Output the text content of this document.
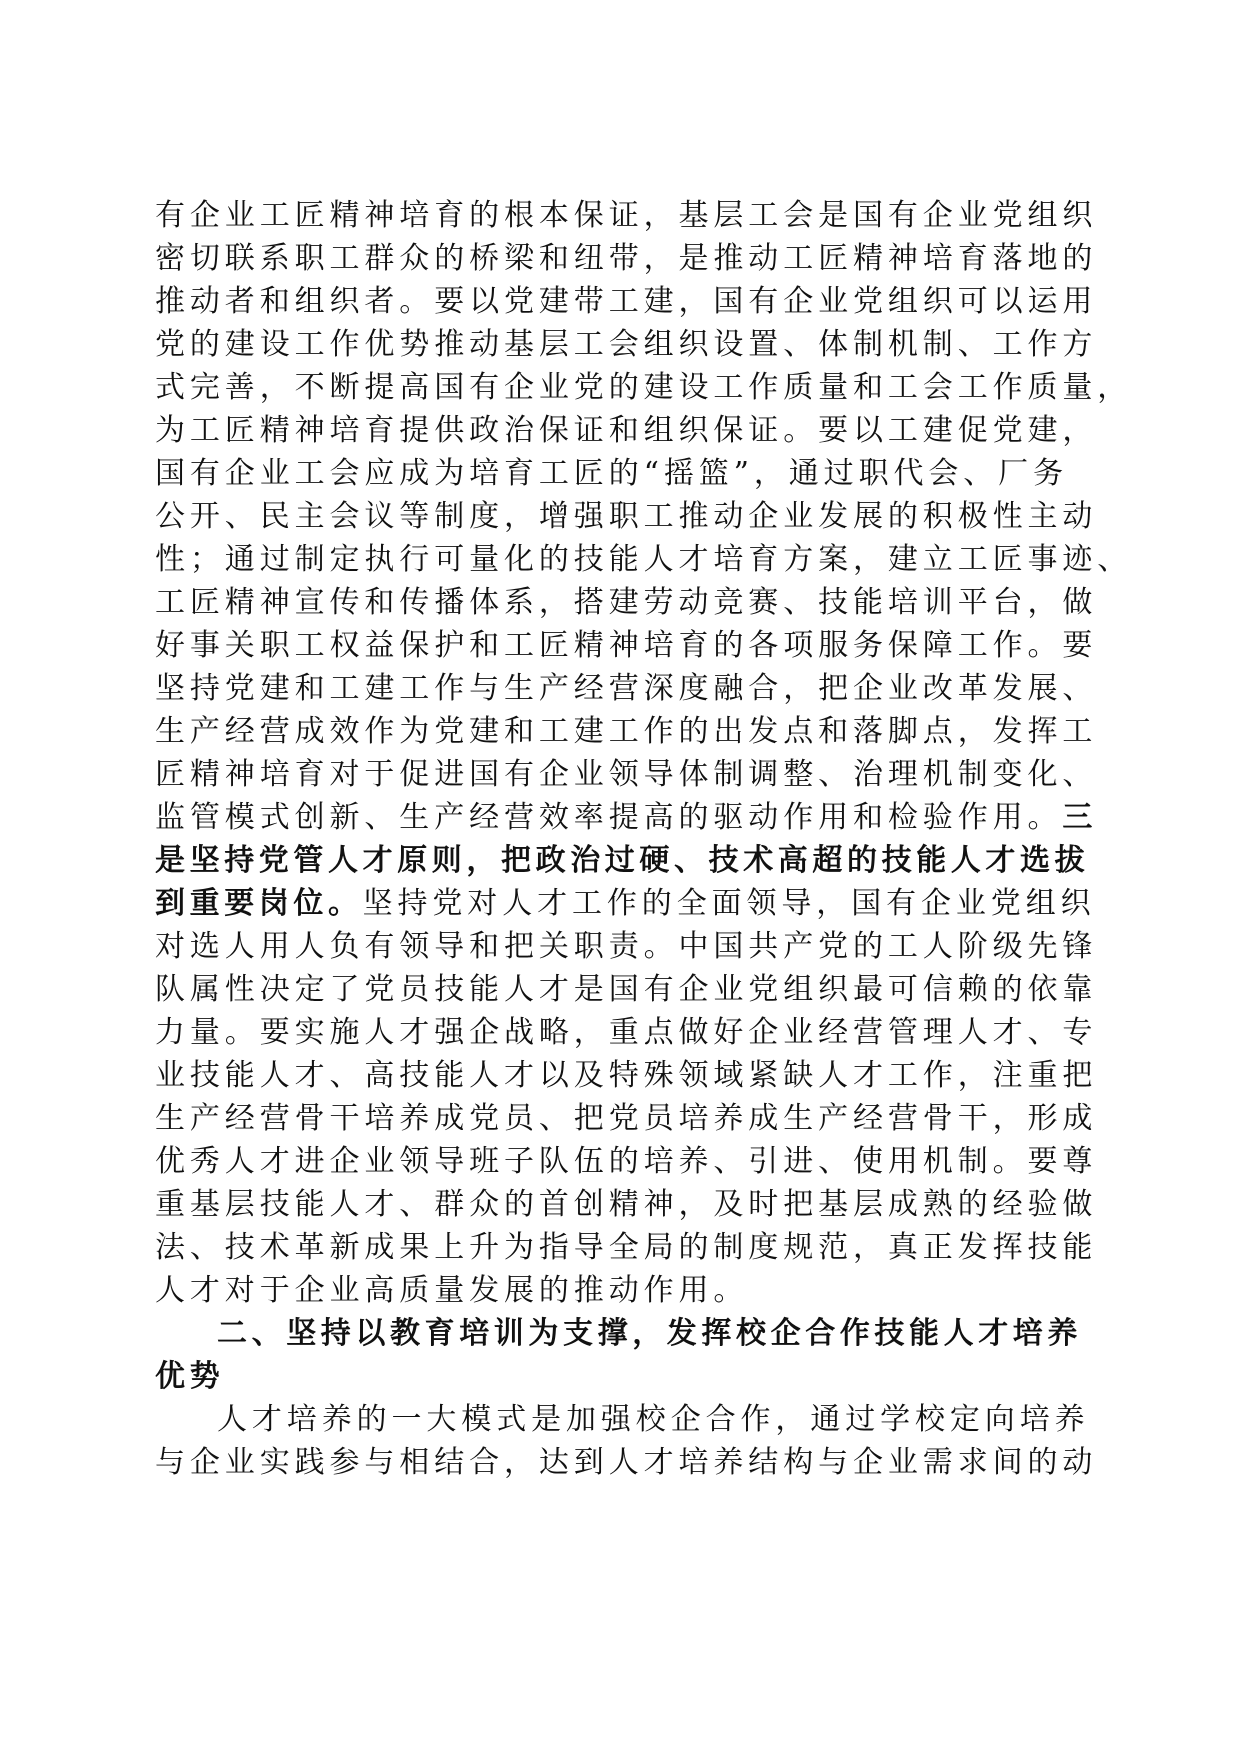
有企业工匠精神培育的根本保证，基层工会是国有企业党组织
密切联系职工群众的桥梁和纽带，是推动工匠精神培育落地的
推动者和组织者。要以党建带工建，国有企业党组织可以运用
党的建设工作优势推动基层工会组织设置、体制机制、工作方
式完善，不断提高国有企业党的建设工作质量和工会工作质量，
为工匠精神培育提供政治保证和组织保证。要以工建促党建，
国有企业工会应成为培育工匠的“摇篮”，通过职代会、厂务
公开、民主会议等制度，增强职工推动企业发展的积极性主动
性；通过制定执行可量化的技能人才培育方案，建立工匠事迹、
工匠精神宣传和传播体系，搭建劳动竞赛、技能培训平台，做
好事关职工权益保护和工匠精神培育的各项服务保障工作。要
坚持党建和工建工作与生产经营深度融合，把企业改革发展、
生产经营成效作为党建和工建工作的出发点和落脚点，发挥工
匠精神培育对于促进国有企业领导体制调整、治理机制变化、
监管模式创新、生产经营效率提高的驱动作用和检验作用。三
是坚持党管人才原则，把政治过硬、技术高超的技能人才选拔
到重要岗位。坚持党对人才工作的全面领导，国有企业党组织
对选人用人负有领导和把关职责。中国共产党的工人阶级先锋
队属性决定了党员技能人才是国有企业党组织最可信赖的依靠
力量。要实施人才强企战略，重点做好企业经营管理人才、专
业技能人才、高技能人才以及特殊领域紧缺人才工作，注重把
生产经营骨干培养成党员、把党员培养成生产经营骨干，形成
优秀人才进企业领导班子队伍的培养、引进、使用机制。要尊
重基层技能人才、群众的首创精神，及时把基层成熟的经验做
法、技术革新成果上升为指导全局的制度规范，真正发挥技能
人才对于企业高质量发展的推动作用。
二、坚持以教育培训为支撑，发挥校企合作技能人才培养
优势
人才培养的一大模式是加强校企合作，通过学校定向培养
与企业实践参与相结合，达到人才培养结构与企业需求间的动
